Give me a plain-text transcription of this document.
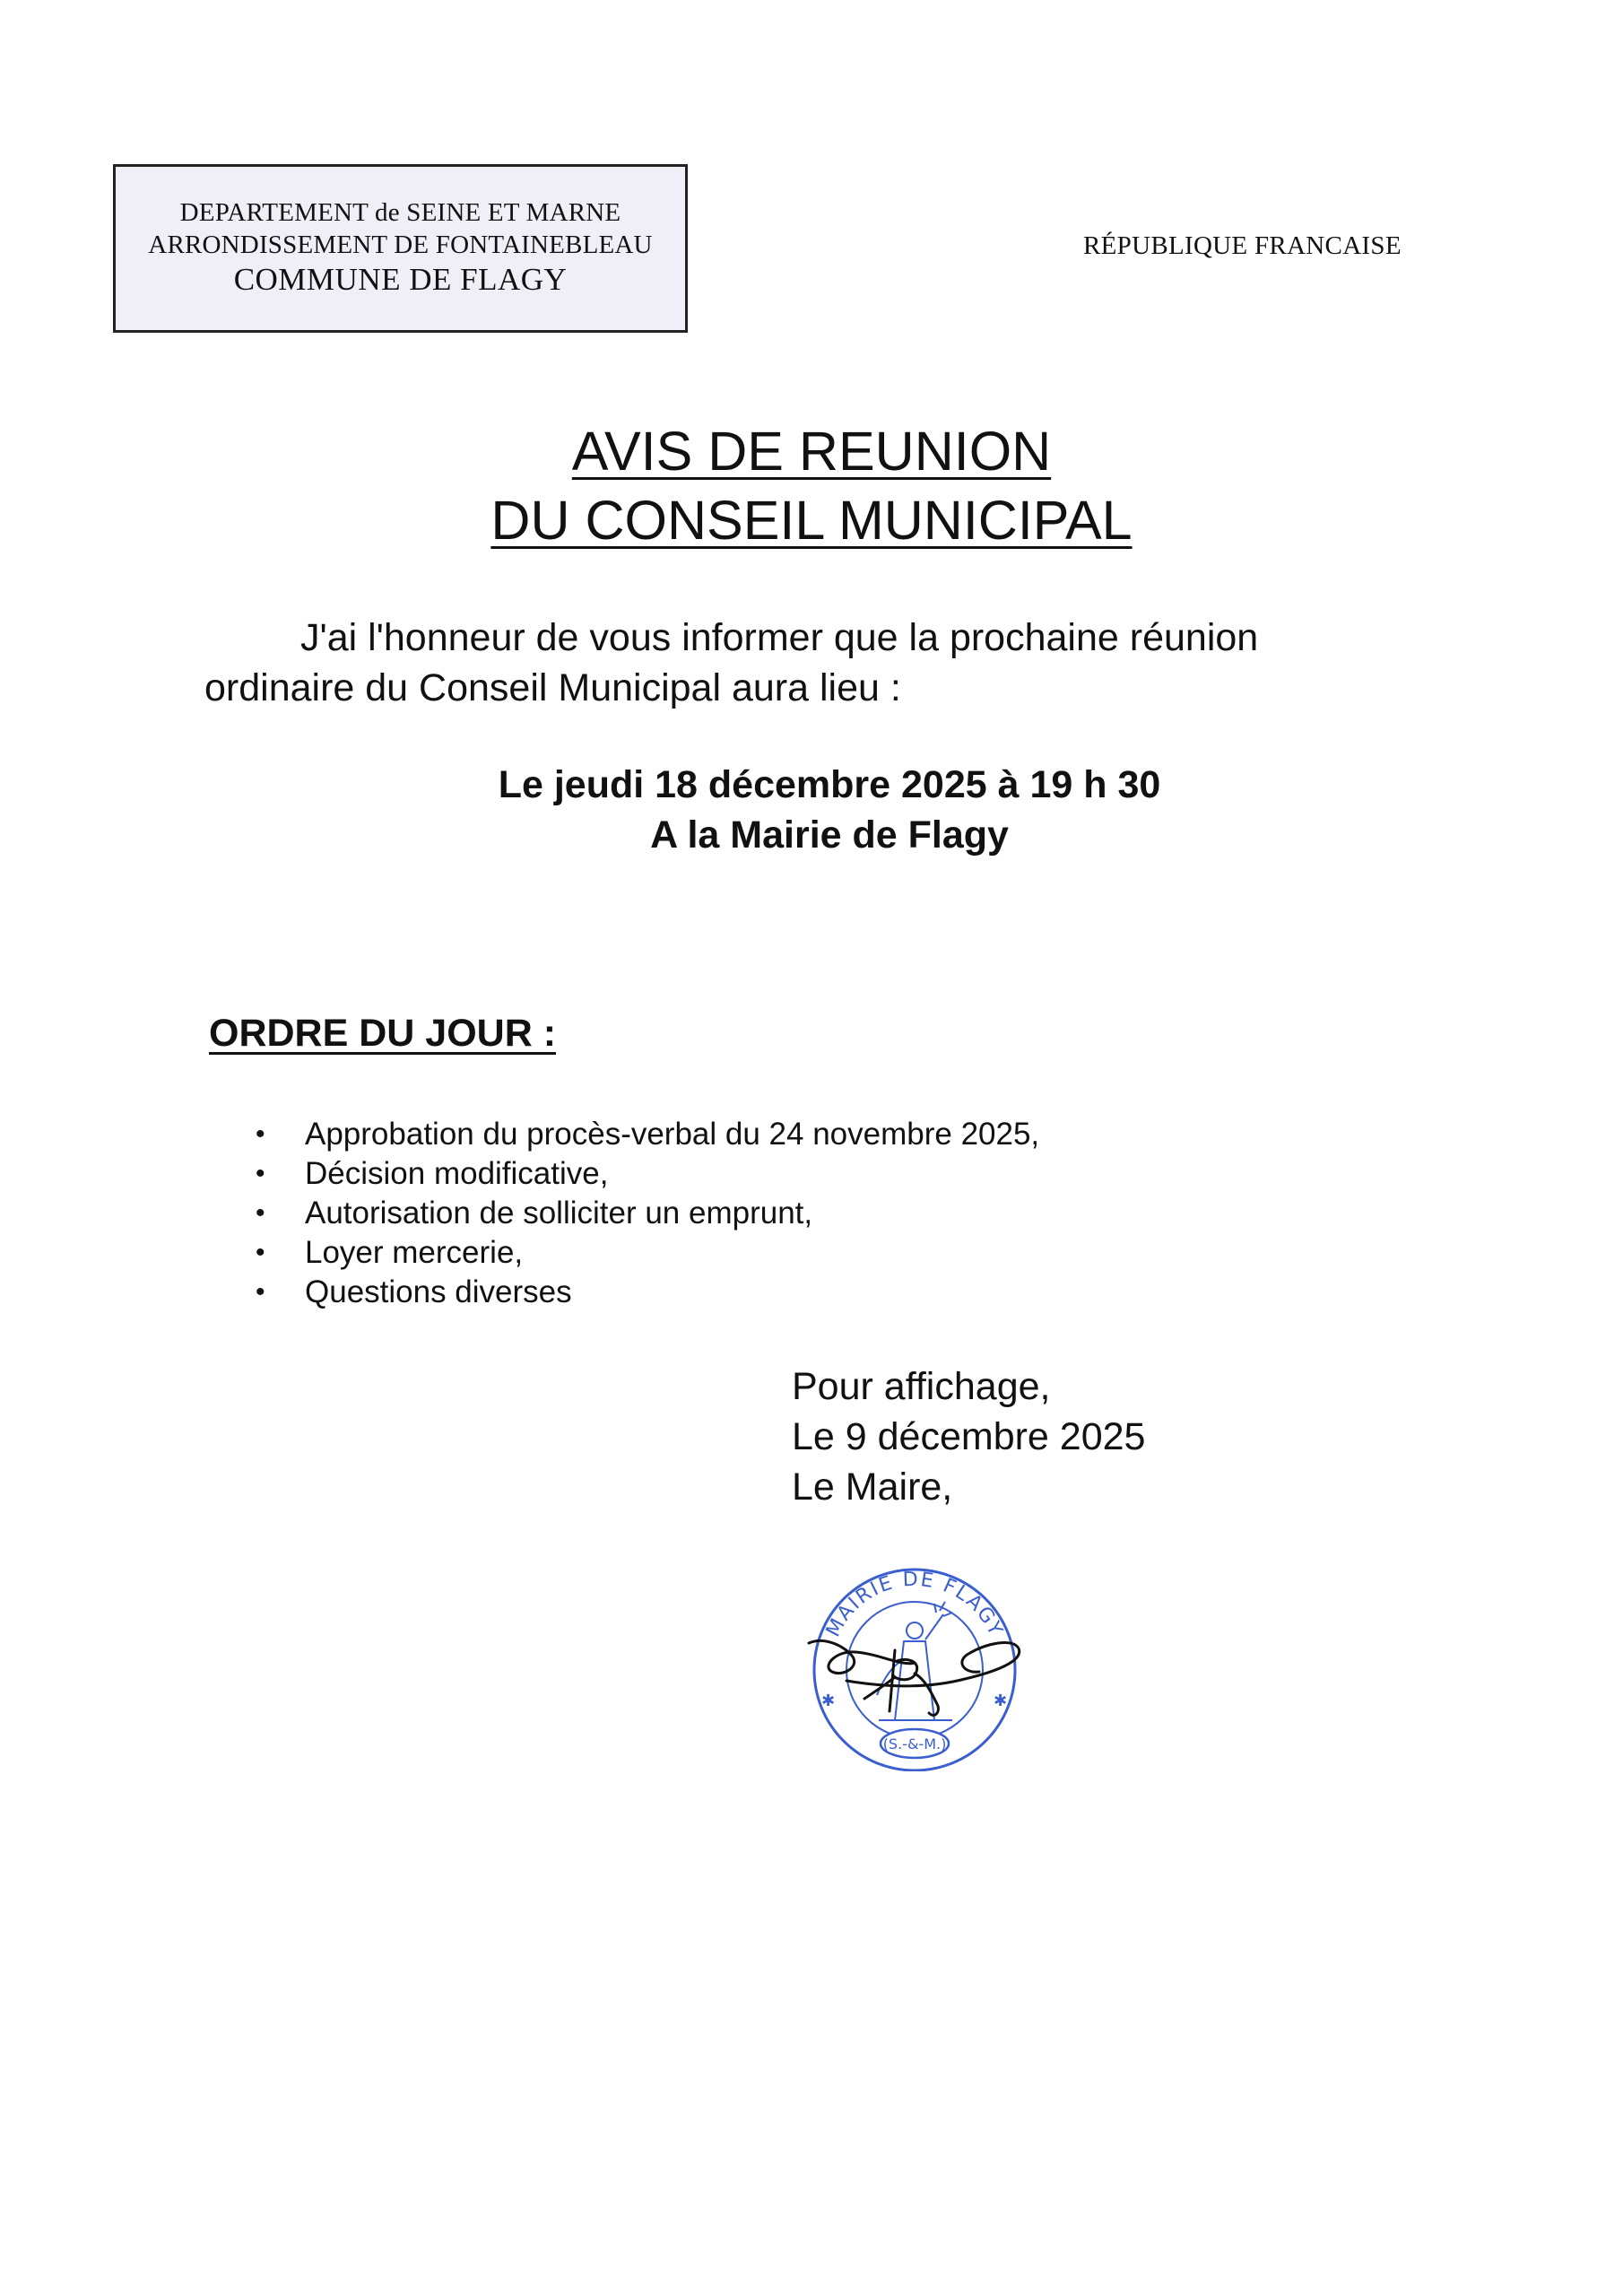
DEPARTEMENT de SEINE ET MARNE
ARRONDISSEMENT DE FONTAINEBLEAU
COMMUNE DE FLAGY
RÉPUBLIQUE FRANCAISE
AVIS DE REUNION
DU CONSEIL MUNICIPAL

J'ai l'honneur de vous informer que la prochaine réunion

ordinaire du Conseil Municipal aura lieu :

Le jeudi 18 décembre 2025 à 19 h 30
A la Mairie de Flagy
ORDRE DU JOUR :
• Approbation du procès-verbal du 24 novembre 2025,
• Décision modificative,
• Autorisation de solliciter un emprunt,
• Loyer mercerie,
• Questions diverses

Pour affichage,

Le 9 décembre 2025

Le Maire,

MAIRIE DE FLAGY
✱	✱
(S.-&-M.)
